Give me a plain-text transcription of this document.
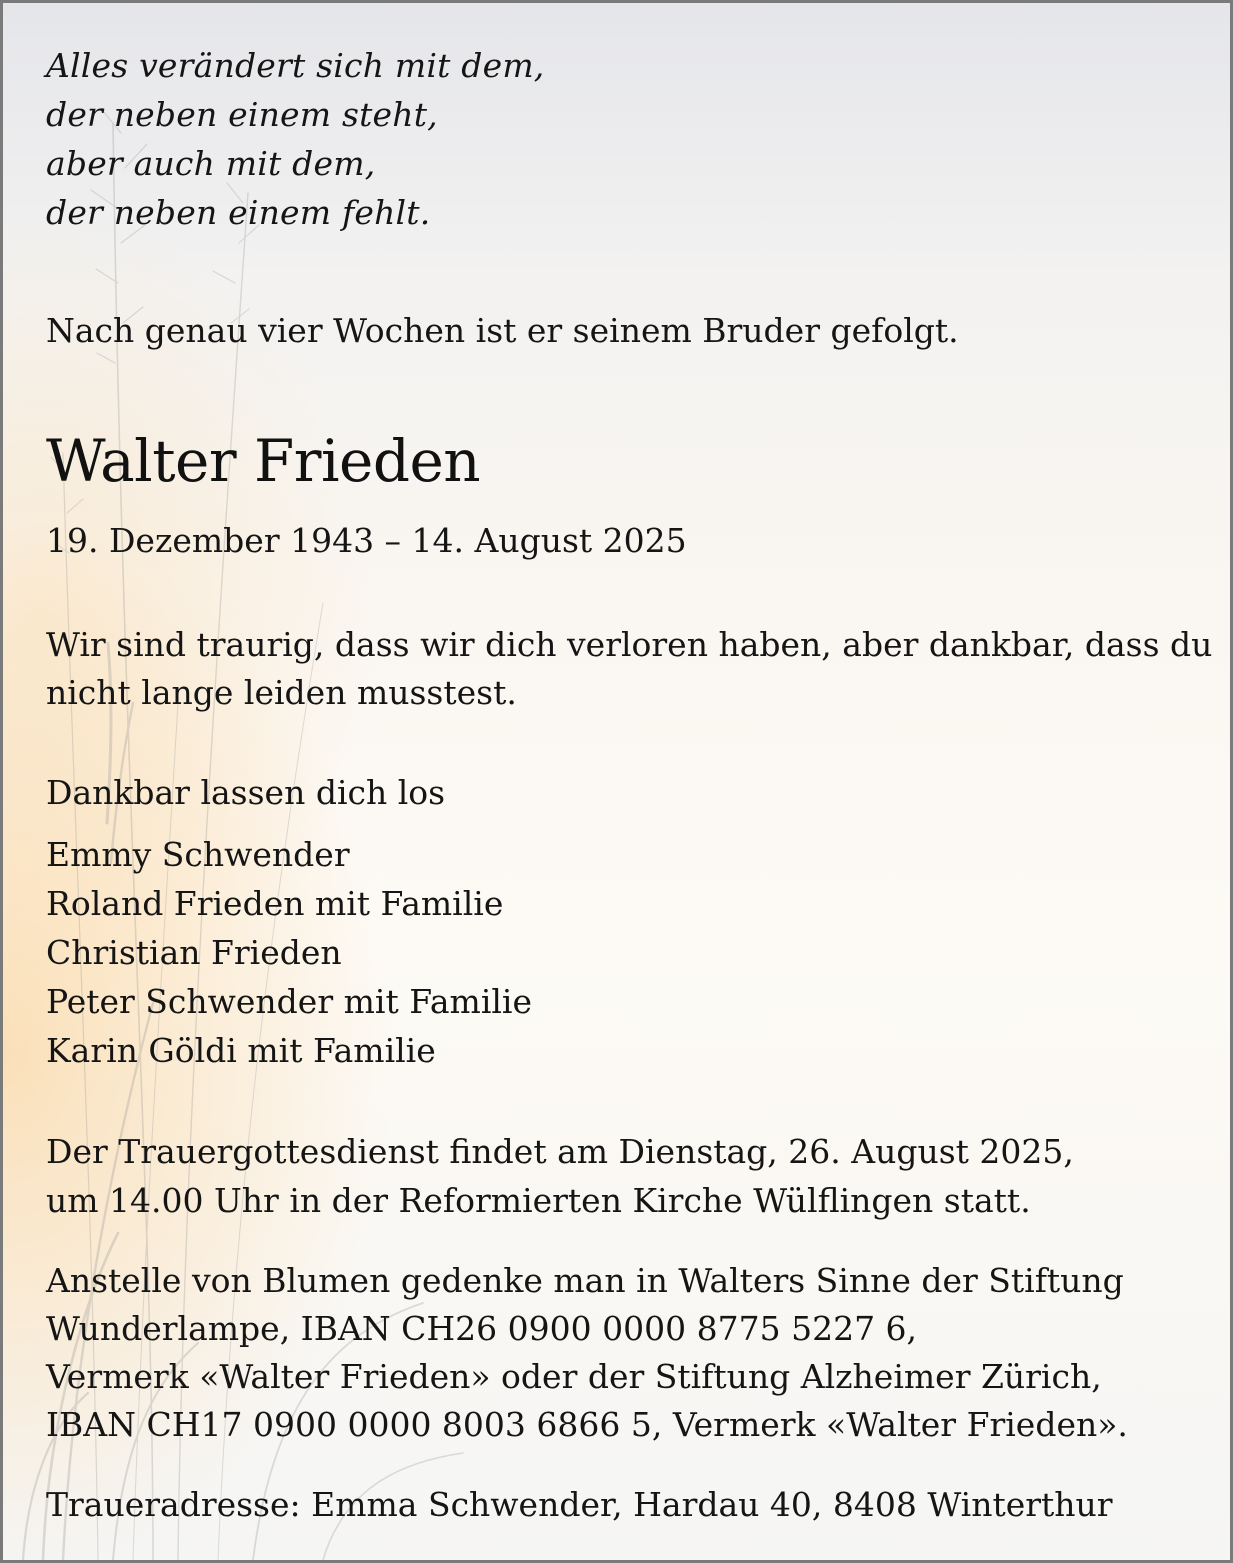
Alles verändert sich mit dem,
der neben einem steht,
aber auch mit dem,
der neben einem fehlt.
Nach genau vier Wochen ist er seinem Bruder gefolgt.
Walter Frieden
19. Dezember 1943 – 14. August 2025
Wir sind traurig, dass wir dich verloren haben, aber dankbar, dass du
nicht lange leiden musstest.
Dankbar lassen dich los
Emmy Schwender
Roland Frieden mit Familie
Christian Frieden
Peter Schwender mit Familie
Karin Göldi mit Familie
Der Trauergottesdienst findet am Dienstag, 26. August 2025,
um 14.00 Uhr in der Reformierten Kirche Wülflingen statt.
Anstelle von Blumen gedenke man in Walters Sinne der Stiftung
Wunderlampe, IBAN CH26 0900 0000 8775 5227 6,
Vermerk «Walter Frieden» oder der Stiftung Alzheimer Zürich,
IBAN CH17 0900 0000 8003 6866 5, Vermerk «Walter Frieden».
Traueradresse: Emma Schwender, Hardau 40, 8408 Winterthur
